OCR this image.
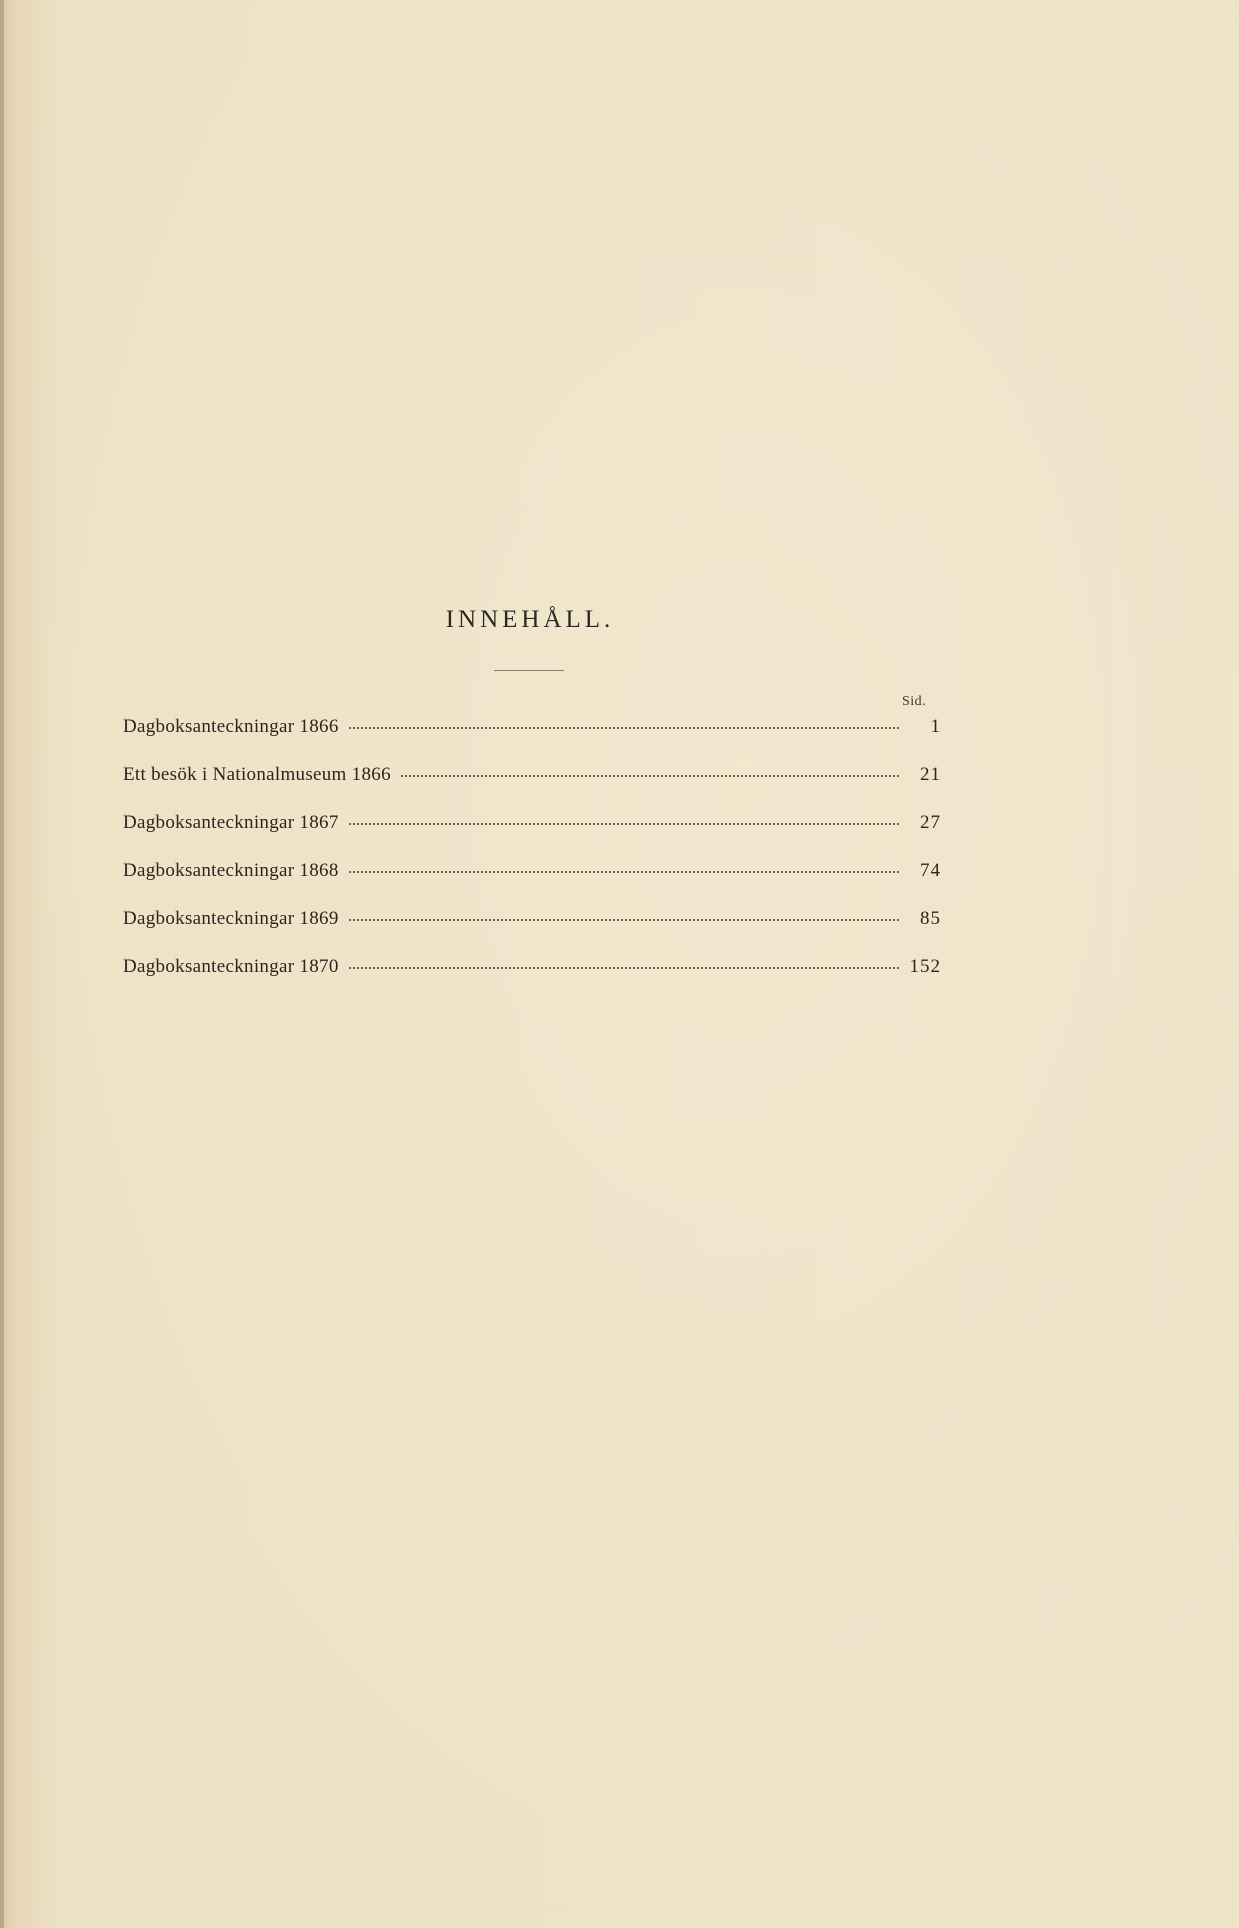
INNEHÅLL.
Sid.
Dagboksanteckningar 1866	1
Ett besök i Nationalmuseum 1866	21
Dagboksanteckningar 1867	27
Dagboksanteckningar 1868	74
Dagboksanteckningar 1869	85
Dagboksanteckningar 1870	152
